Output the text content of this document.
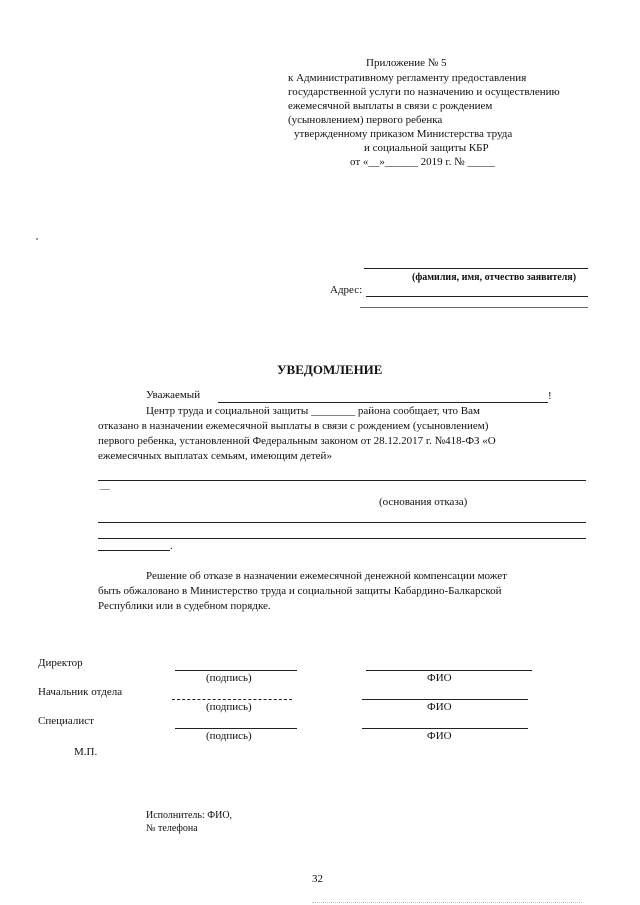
Приложение № 5
к Административному регламенту предоставления
государственной услуги по назначению и осуществлению
ежемесячной выплаты в связи с рождением
(усыновлением) первого ребенка
утвержденному приказом Министерства труда
и социальной защиты КБР
от «__»______ 2019 г. № _____
(фамилия, имя, отчество заявителя)
Адрес:
УВЕДОМЛЕНИЕ
Уважаемый	!
Центр труда и социальной защиты ________ района сообщает, что Вам
отказано в назначении ежемесячной выплаты в связи с рождением (усыновлением)
первого ребенка, установленной Федеральным законом от 28.12.2017 г. №418-ФЗ «О
ежемесячных выплатах семьям, имеющим детей»
—
(основания отказа)
.
Решение об отказе в назначении ежемесячной денежной компенсации может
быть обжаловано в Министерство труда и социальной защиты Кабардино-Балкарской
Республики или в судебном порядке.
Директор
(подпись)	ФИО
Начальник отдела
(подпись)	ФИО
Специалист
(подпись)	ФИО
М.П.
Исполнитель: ФИО,
№ телефона
32
